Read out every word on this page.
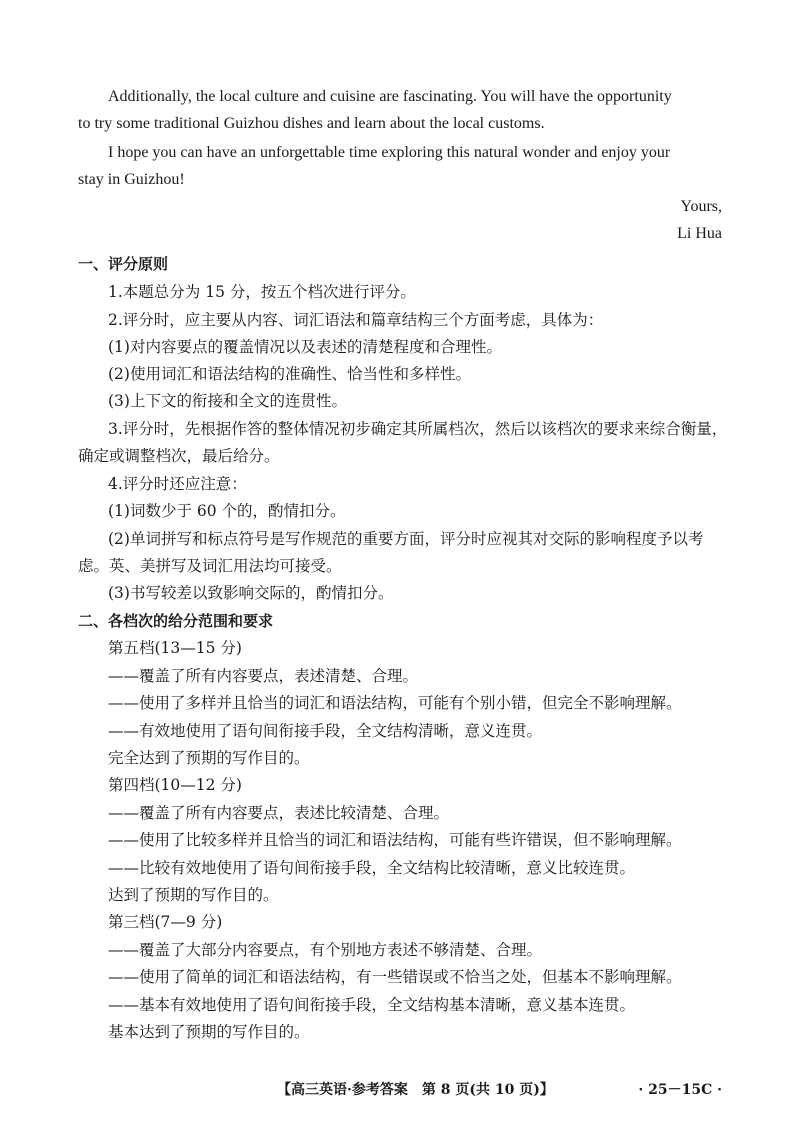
Additionally, the local culture and cuisine are fascinating. You will have the opportunity
to try some traditional Guizhou dishes and learn about the local customs.
I hope you can have an unforgettable time exploring this natural wonder and enjoy your
stay in Guizhou!
Yours,
Li Hua
一、评分原则
1.本题总分为 15 分，按五个档次进行评分。
2.评分时，应主要从内容、词汇语法和篇章结构三个方面考虑，具体为：
(1)对内容要点的覆盖情况以及表述的清楚程度和合理性。
(2)使用词汇和语法结构的准确性、恰当性和多样性。
(3)上下文的衔接和全文的连贯性。
3.评分时，先根据作答的整体情况初步确定其所属档次，然后以该档次的要求来综合衡量，
确定或调整档次，最后给分。
4.评分时还应注意：
(1)词数少于 60 个的，酌情扣分。
(2)单词拼写和标点符号是写作规范的重要方面，评分时应视其对交际的影响程度予以考
虑。英、美拼写及词汇用法均可接受。
(3)书写较差以致影响交际的，酌情扣分。
二、各档次的给分范围和要求
第五档(13—15 分)
——覆盖了所有内容要点，表述清楚、合理。
——使用了多样并且恰当的词汇和语法结构，可能有个别小错，但完全不影响理解。
——有效地使用了语句间衔接手段，全文结构清晰，意义连贯。
完全达到了预期的写作目的。
第四档(10—12 分)
——覆盖了所有内容要点，表述比较清楚、合理。
——使用了比较多样并且恰当的词汇和语法结构，可能有些许错误，但不影响理解。
——比较有效地使用了语句间衔接手段，全文结构比较清晰，意义比较连贯。
达到了预期的写作目的。
第三档(7—9 分)
——覆盖了大部分内容要点，有个别地方表述不够清楚、合理。
——使用了简单的词汇和语法结构，有一些错误或不恰当之处，但基本不影响理解。
——基本有效地使用了语句间衔接手段，全文结构基本清晰，意义基本连贯。
基本达到了预期的写作目的。
【高三英语·参考答案　第 8 页(共 10 页)】	· 25－15C ·
